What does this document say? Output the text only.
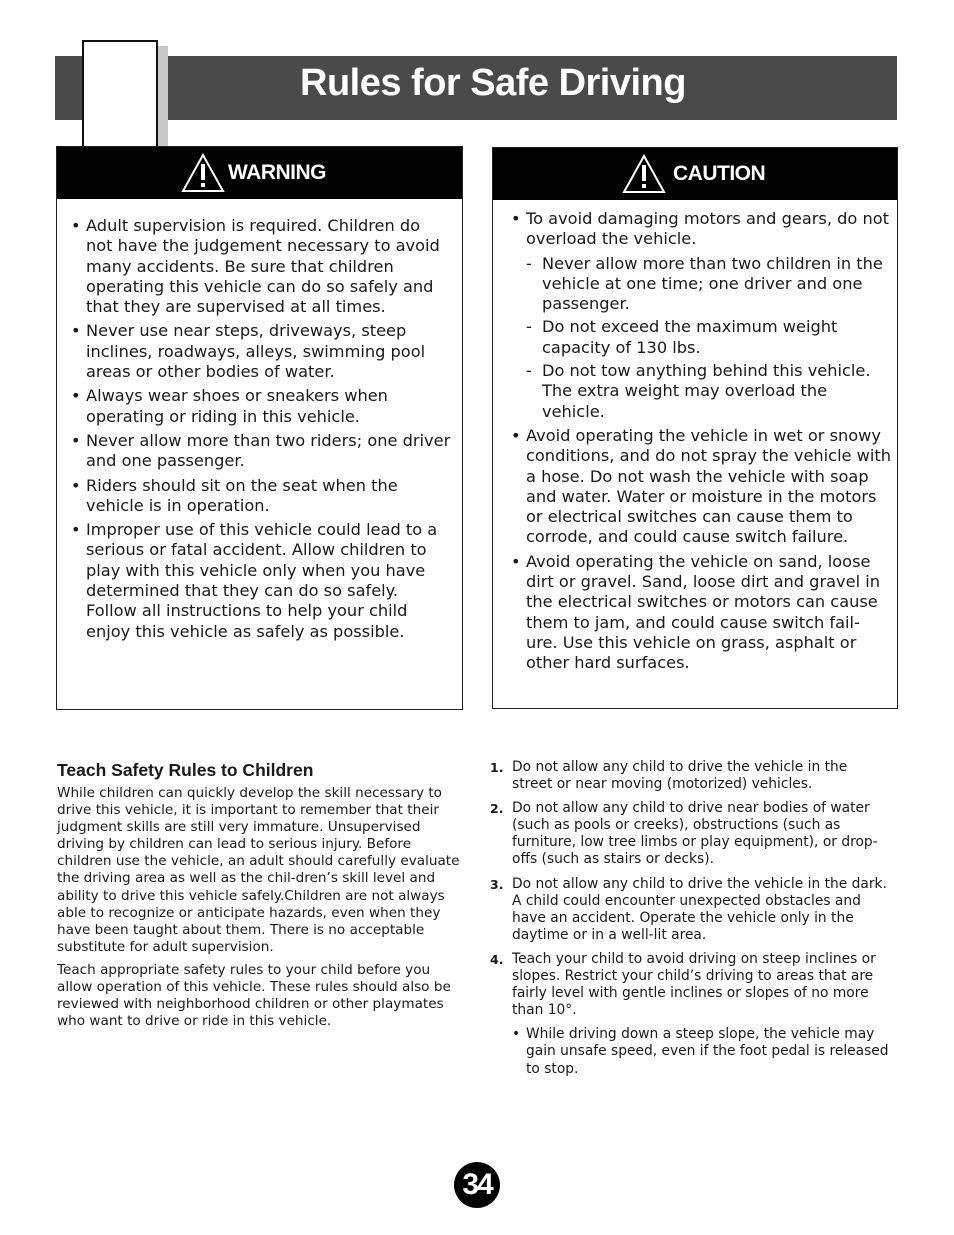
Rules for Safe Driving
WARNING
• Adult supervision is required. Children do not have the judgement necessary to avoid many accidents. Be sure that children operating this vehicle can do so safely and that they are supervised at all times.
• Never use near steps, driveways, steep inclines, roadways, alleys, swimming pool areas or other bodies of water.
• Always wear shoes or sneakers when operating or riding in this vehicle.
• Never allow more than two riders; one driver and one passenger.
• Riders should sit on the seat when the vehicle is in operation.
• Improper use of this vehicle could lead to a serious or fatal accident. Allow children to play with this vehicle only when you have determined that they can do so safely. Follow all instructions to help your child enjoy this vehicle as safely as possible.
CAUTION
• To avoid damaging motors and gears, do not overload the vehicle.
- Never allow more than two children in the vehicle at one time; one driver and one passenger.
- Do not exceed the maximum weight capacity of 130 lbs.
- Do not tow anything behind this vehicle. The extra weight may overload the vehicle.
• Avoid operating the vehicle in wet or snowy conditions, and do not spray the vehicle with a hose. Do not wash the vehicle with soap and water. Water or moisture in the motors or electrical switches can cause them to corrode, and could cause switch failure.
• Avoid operating the vehicle on sand, loose dirt or gravel. Sand, loose dirt and gravel in the electrical switches or motors can cause them to jam, and could cause switch fail-ure. Use this vehicle on grass, asphalt or other hard surfaces.
Teach Safety Rules to Children

While children can quickly develop the skill necessary to drive this vehicle, it is important to remember that their judgment skills are still very immature. Unsupervised driving by children can lead to serious injury. Before children use the vehicle, an adult should carefully evaluate the driving area as well as the chil-dren’s skill level and ability to drive this vehicle safely.Children are not always able to recognize or anticipate hazards, even when they have been taught about them. There is no acceptable substitute for adult supervision.

Teach appropriate safety rules to your child before you allow operation of this vehicle. These rules should also be reviewed with neighborhood children or other playmates who want to drive or ride in this vehicle.

1. Do not allow any child to drive the vehicle in the street or near moving (motorized) vehicles.
2. Do not allow any child to drive near bodies of water (such as pools or creeks), obstructions (such as furniture, low tree limbs or play equipment), or drop-offs (such as stairs or decks).
3. Do not allow any child to drive the vehicle in the dark. A child could encounter unexpected obstacles and have an accident. Operate the vehicle only in the daytime or in a well-lit area.
4. Teach your child to avoid driving on steep inclines or slopes. Restrict your child’s driving to areas that are fairly level with gentle inclines or slopes of no more than 10°.
• While driving down a steep slope, the vehicle may gain unsafe speed, even if the foot pedal is released to stop.
34
